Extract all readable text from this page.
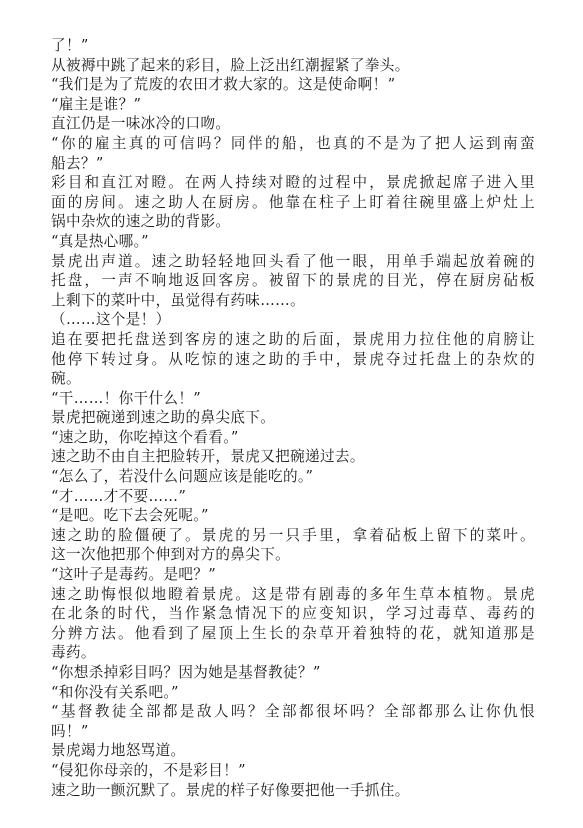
了！”
从被褥中跳了起来的彩目，脸上泛出红潮握紧了拳头。
“我们是为了荒废的农田才救大家的。这是使命啊！”
“雇主是谁？”
直江仍是一味冰冷的口吻。
“你的雇主真的可信吗？同伴的船，也真的不是为了把人运到南蛮
船去？”
彩目和直江对瞪。在两人持续对瞪的过程中，景虎掀起席子进入里
面的房间。速之助人在厨房。他靠在柱子上盯着往碗里盛上炉灶上
锅中杂炊的速之助的背影。
“真是热心哪。”
景虎出声道。速之助轻轻地回头看了他一眼，用单手端起放着碗的
托盘，一声不响地返回客房。被留下的景虎的目光，停在厨房砧板
上剩下的菜叶中，虽觉得有药味……。
（……这个是！）
追在要把托盘送到客房的速之助的后面，景虎用力拉住他的肩膀让
他停下转过身。从吃惊的速之助的手中，景虎夺过托盘上的杂炊的
碗。
“干……！你干什么！”
景虎把碗递到速之助的鼻尖底下。
“速之助，你吃掉这个看看。”
速之助不由自主把脸转开，景虎又把碗递过去。
“怎么了，若没什么问题应该是能吃的。”
“才……才不要……”
“是吧。吃下去会死呢。”
速之助的脸僵硬了。景虎的另一只手里，拿着砧板上留下的菜叶。
这一次他把那个伸到对方的鼻尖下。
“这叶子是毒药。是吧？”
速之助悔恨似地瞪着景虎。这是带有剧毒的多年生草本植物。景虎
在北条的时代，当作紧急情况下的应变知识，学习过毒草、毒药的
分辨方法。他看到了屋顶上生长的杂草开着独特的花，就知道那是
毒药。
“你想杀掉彩目吗？因为她是基督教徒？”
“和你没有关系吧。”
“基督教徒全部都是敌人吗？全部都很坏吗？全部都那么让你仇恨
吗！”
景虎竭力地怒骂道。
“侵犯你母亲的，不是彩目！”
速之助一颤沉默了。景虎的样子好像要把他一手抓住。
